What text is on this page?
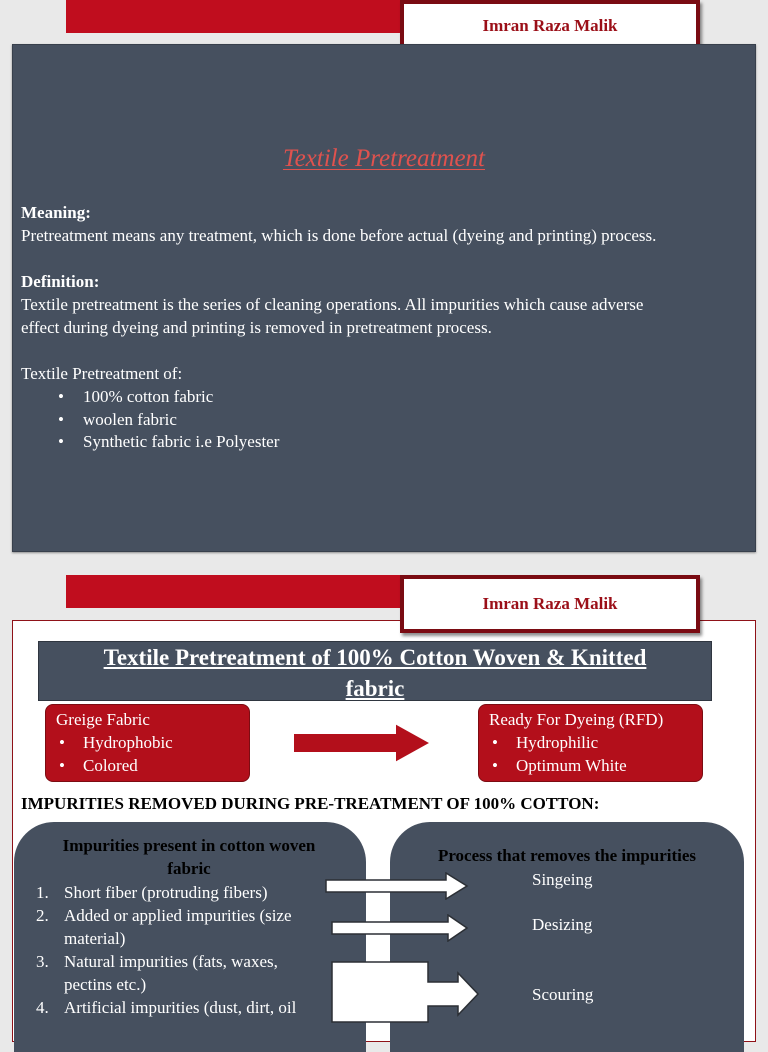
Imran Raza Malik
Textile Pretreatment
Meaning:
Pretreatment means any treatment, which is done before actual (dyeing and printing) process.
Definition:
Textile pretreatment is the series of cleaning operations. All impurities which cause adverse
effect during dyeing and printing is removed in pretreatment process.
Textile Pretreatment of:
•	100% cotton fabric
•	woolen fabric
•	Synthetic fabric i.e Polyester
Imran Raza Malik
Textile Pretreatment of 100% Cotton Woven & Knitted
fabric
Greige Fabric
•	Hydrophobic
•	Colored
Ready For Dyeing (RFD)
•	Hydrophilic
•	Optimum White
IMPURITIES REMOVED DURING PRE-TREATMENT OF 100% COTTON:
Impurities present in cotton woven
fabric
Process that removes the impurities
1. Short fiber (protruding fibers)
2. Added or applied impurities (size
material)
3. Natural impurities (fats, waxes,
pectins etc.)
4. Artificial impurities (dust, dirt, oil
Singeing
Desizing
Scouring
